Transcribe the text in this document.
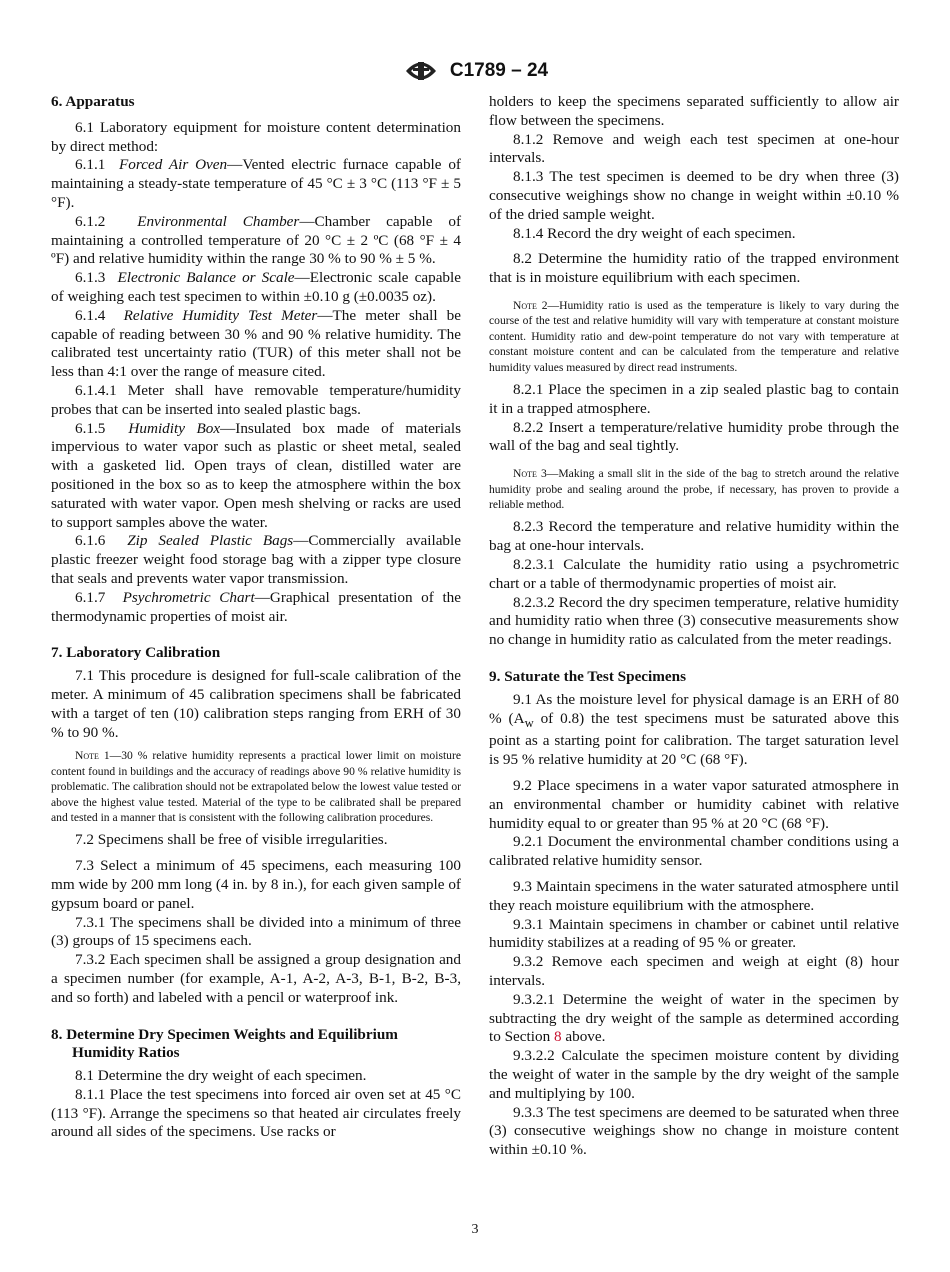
C1789 – 24
6. Apparatus

6.1 Laboratory equipment for moisture content determination by direct method:

6.1.1  Forced Air Oven—Vented electric furnace capable of maintaining a steady-state temperature of 45 °C ± 3 °C (113 °F ± 5 °F).

6.1.2  Environmental Chamber—Chamber capable of maintaining a controlled temperature of 20 °C ± 2 ºC (68 °F ± 4 ºF) and relative humidity within the range 30 % to 90 % ± 5 %.

6.1.3  Electronic Balance or Scale—Electronic scale capable of weighing each test specimen to within ±0.10 g (±0.0035 oz).

6.1.4  Relative Humidity Test Meter—The meter shall be capable of reading between 30 % and 90 % relative humidity. The calibrated test uncertainty ratio (TUR) of this meter shall not be less than 4:1 over the range of measure cited.

6.1.4.1 Meter shall have removable temperature/humidity probes that can be inserted into sealed plastic bags.

6.1.5  Humidity Box—Insulated box made of materials impervious to water vapor such as plastic or sheet metal, sealed with a gasketed lid. Open trays of clean, distilled water are positioned in the box so as to keep the atmosphere within the box saturated with water vapor. Open mesh shelving or racks are used to support samples above the water.

6.1.6  Zip Sealed Plastic Bags—Commercially available plastic freezer weight food storage bag with a zipper type closure that seals and prevents water vapor transmission.

6.1.7  Psychrometric Chart—Graphical presentation of the thermodynamic properties of moist air.

7. Laboratory Calibration

7.1 This procedure is designed for full-scale calibration of the meter. A minimum of 45 calibration specimens shall be fabricated with a target of ten (10) calibration steps ranging from ERH of 30 % to 90 %.

Note 1—30 % relative humidity represents a practical lower limit on moisture content found in buildings and the accuracy of readings above 90 % relative humidity is problematic. The calibration should not be extrapolated below the lowest value tested or above the highest value tested. Material of the type to be calibrated shall be prepared and tested in a manner that is consistent with the following calibration procedures.

7.2 Specimens shall be free of visible irregularities.

7.3 Select a minimum of 45 specimens, each measuring 100 mm wide by 200 mm long (4 in. by 8 in.), for each given sample of gypsum board or panel.

7.3.1 The specimens shall be divided into a minimum of three (3) groups of 15 specimens each.

7.3.2 Each specimen shall be assigned a group designation and a specimen number (for example, A-1, A-2, A-3, B-1, B-2, B-3, and so forth) and labeled with a pencil or waterproof ink.

8. Determine Dry Specimen Weights and Equilibrium
Humidity Ratios

8.1 Determine the dry weight of each specimen.

8.1.1 Place the test specimens into forced air oven set at 45 °C (113 °F). Arrange the specimens so that heated air circulates freely around all sides of the specimens. Use racks or

holders to keep the specimens separated sufficiently to allow air flow between the specimens.

8.1.2 Remove and weigh each test specimen at one-hour intervals.

8.1.3 The test specimen is deemed to be dry when three (3) consecutive weighings show no change in weight within ±0.10 % of the dried sample weight.

8.1.4 Record the dry weight of each specimen.

8.2 Determine the humidity ratio of the trapped environment that is in moisture equilibrium with each specimen.

Note 2—Humidity ratio is used as the temperature is likely to vary during the course of the test and relative humidity will vary with temperature at constant moisture content. Humidity ratio and dew-point temperature do not vary with temperature at constant moisture content and can be calculated from the temperature and relative humidity values measured by direct read instruments.

8.2.1 Place the specimen in a zip sealed plastic bag to contain it in a trapped atmosphere.

8.2.2 Insert a temperature/relative humidity probe through the wall of the bag and seal tightly.

Note 3—Making a small slit in the side of the bag to stretch around the relative humidity probe and sealing around the probe, if necessary, has proven to provide a reliable method.

8.2.3 Record the temperature and relative humidity within the bag at one-hour intervals.

8.2.3.1 Calculate the humidity ratio using a psychrometric chart or a table of thermodynamic properties of moist air.

8.2.3.2 Record the dry specimen temperature, relative humidity and humidity ratio when three (3) consecutive measurements show no change in humidity ratio as calculated from the meter readings.

9. Saturate the Test Specimens

9.1 As the moisture level for physical damage is an ERH of 80 % ($A_w$ of 0.8) the test specimens must be saturated above this point as a starting point for calibration. The target saturation level is 95 % relative humidity at 20 °C (68 °F).

9.2 Place specimens in a water vapor saturated atmosphere in an environmental chamber or humidity cabinet with relative humidity equal to or greater than 95 % at 20 °C (68 °F).

9.2.1 Document the environmental chamber conditions using a calibrated relative humidity sensor.

9.3 Maintain specimens in the water saturated atmosphere until they reach moisture equilibrium with the atmosphere.

9.3.1 Maintain specimens in chamber or cabinet until relative humidity stabilizes at a reading of 95 % or greater.

9.3.2 Remove each specimen and weigh at eight (8) hour intervals.

9.3.2.1 Determine the weight of water in the specimen by subtracting the dry weight of the sample as determined according to Section 8 above.

9.3.2.2 Calculate the specimen moisture content by dividing the weight of water in the sample by the dry weight of the sample and multiplying by 100.

9.3.3 The test specimens are deemed to be saturated when three (3) consecutive weighings show no change in moisture content within ±0.10 %.

3
